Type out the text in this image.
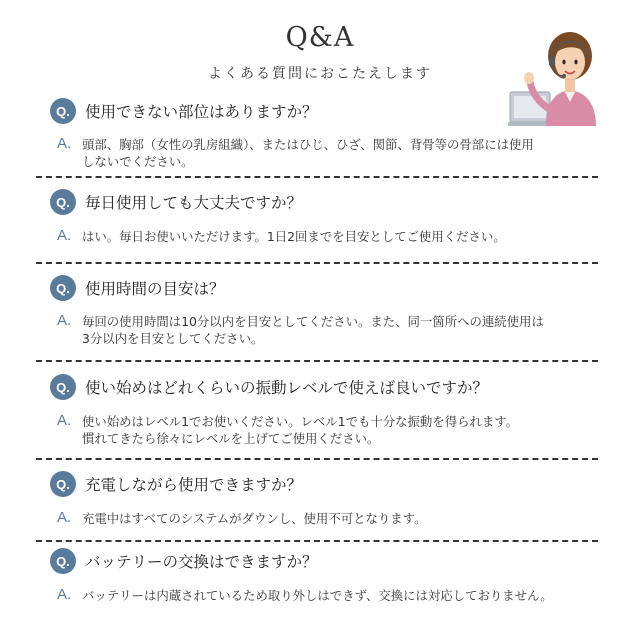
Q&A
よくある質問におこたえします
Q. 使用できない部位はありますか？
A. 頭部、胸部（女性の乳房組織）、またはひじ、ひざ、関節、背骨等の骨部には使用
しないでください。
Q. 毎日使用しても大丈夫ですか？
A. はい。毎日お使いいただけます。1日2回までを目安としてご使用ください。
Q. 使用時間の目安は？
A. 毎回の使用時間は10分以内を目安としてください。また、同一箇所への連続使用は
3分以内を目安としてください。
Q. 使い始めはどれくらいの振動レベルで使えば良いですか？
A. 使い始めはレベル1でお使いください。レベル1でも十分な振動を得られます。
慣れてきたら徐々にレベルを上げてご使用ください。
Q. 充電しながら使用できますか？
A. 充電中はすべてのシステムがダウンし、使用不可となります。
Q. バッテリーの交換はできますか？
A. バッテリーは内蔵されているため取り外しはできず、交換には対応しておりません。
